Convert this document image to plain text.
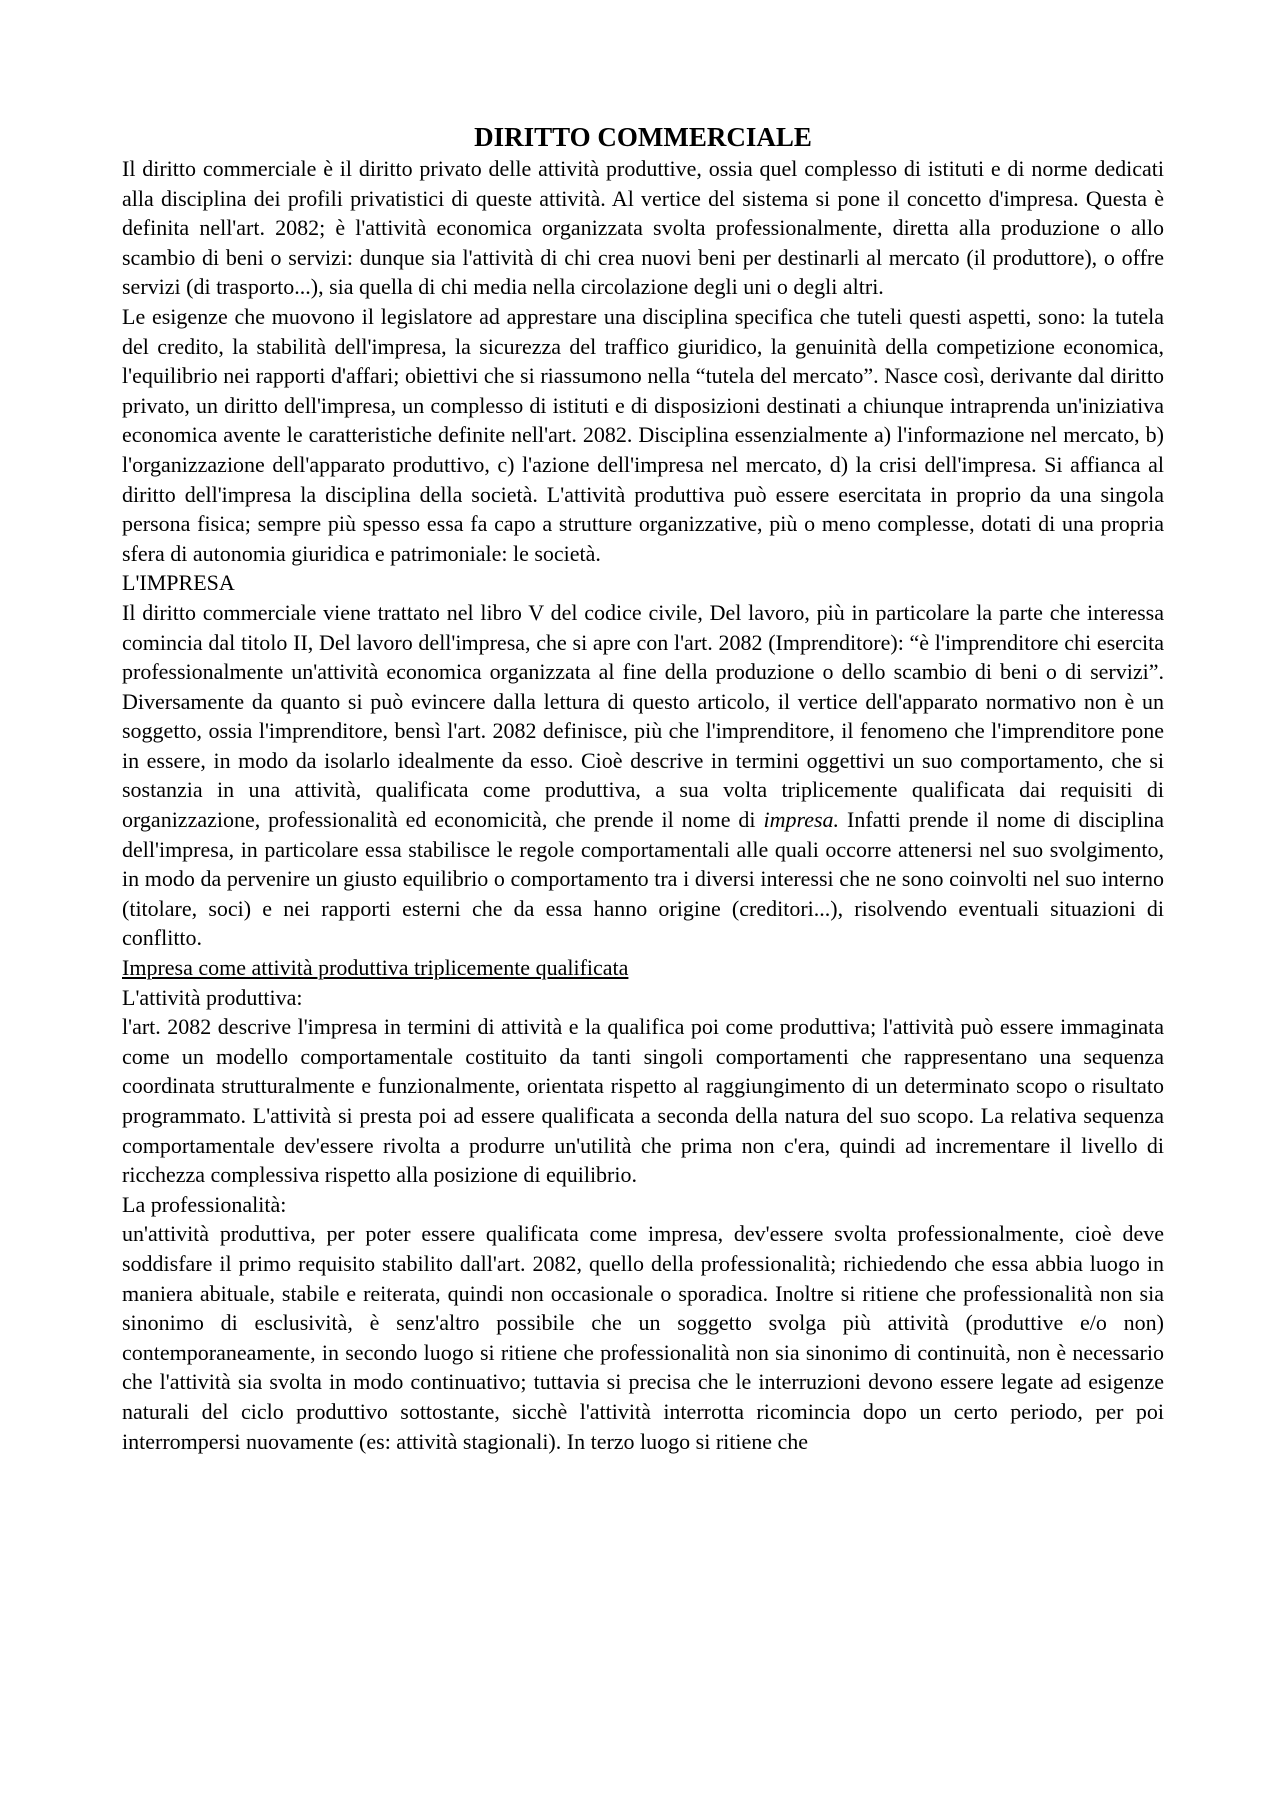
DIRITTO COMMERCIALE

Il diritto commerciale è il diritto privato delle attività produttive, ossia quel complesso di istituti e di norme dedicati alla disciplina dei profili privatistici di queste attività. Al vertice del sistema si pone il concetto d'impresa. Questa è definita nell'art. 2082; è l'attività economica organizzata svolta professionalmente, diretta alla produzione o allo scambio di beni o servizi: dunque sia l'attività di chi crea nuovi beni per destinarli al mercato (il produttore), o offre servizi (di trasporto...), sia quella di chi media nella circolazione degli uni o degli altri.

Le esigenze che muovono il legislatore ad apprestare una disciplina specifica che tuteli questi aspetti, sono: la tutela del credito, la stabilità dell'impresa, la sicurezza del traffico giuridico, la genuinità della competizione economica, l'equilibrio nei rapporti d'affari; obiettivi che si riassumono nella “tutela del mercato”. Nasce così, derivante dal diritto privato, un diritto dell'impresa, un complesso di istituti e di disposizioni destinati a chiunque intraprenda un'iniziativa economica avente le caratteristiche definite nell'art. 2082. Disciplina essenzialmente a) l'informazione nel mercato, b) l'organizzazione dell'apparato produttivo, c) l'azione dell'impresa nel mercato, d) la crisi dell'impresa. Si affianca al diritto dell'impresa la disciplina della società. L'attività produttiva può essere esercitata in proprio da una singola persona fisica; sempre più spesso essa fa capo a strutture organizzative, più o meno complesse, dotati di una propria sfera di autonomia giuridica e patrimoniale: le società.

L'IMPRESA

Il diritto commerciale viene trattato nel libro V del codice civile, Del lavoro, più in particolare la parte che interessa comincia dal titolo II, Del lavoro dell'impresa, che si apre con l'art. 2082 (Imprenditore): “è l'imprenditore chi esercita professionalmente un'attività economica organizzata al fine della produzione o dello scambio di beni o di servizi”. Diversamente da quanto si può evincere dalla lettura di questo articolo, il vertice dell'apparato normativo non è un soggetto, ossia l'imprenditore, bensì l'art. 2082 definisce, più che l'imprenditore, il fenomeno che l'imprenditore pone in essere, in modo da isolarlo idealmente da esso. Cioè descrive in termini oggettivi un suo comportamento, che si sostanzia in una attività, qualificata come produttiva, a sua volta triplicemente qualificata dai requisiti di organizzazione, professionalità ed economicità, che prende il nome di impresa. Infatti prende il nome di disciplina dell'impresa, in particolare essa stabilisce le regole comportamentali alle quali occorre attenersi nel suo svolgimento, in modo da pervenire un giusto equilibrio o comportamento tra i diversi interessi che ne sono coinvolti nel suo interno (titolare, soci) e nei rapporti esterni che da essa hanno origine (creditori...), risolvendo eventuali situazioni di conflitto.

Impresa come attività produttiva triplicemente qualificata

L'attività produttiva:

l'art. 2082 descrive l'impresa in termini di attività e la qualifica poi come produttiva; l'attività può essere immaginata come un modello comportamentale costituito da tanti singoli comportamenti che rappresentano una sequenza coordinata strutturalmente e funzionalmente, orientata rispetto al raggiungimento di un determinato scopo o risultato programmato. L'attività si presta poi ad essere qualificata a seconda della natura del suo scopo. La relativa sequenza comportamentale dev'essere rivolta a produrre un'utilità che prima non c'era, quindi ad incrementare il livello di ricchezza complessiva rispetto alla posizione di equilibrio.

La professionalità:

un'attività produttiva, per poter essere qualificata come impresa, dev'essere svolta professionalmente, cioè deve soddisfare il primo requisito stabilito dall'art. 2082, quello della professionalità; richiedendo che essa abbia luogo in maniera abituale, stabile e reiterata, quindi non occasionale o sporadica. Inoltre si ritiene che professionalità non sia sinonimo di esclusività, è senz'altro possibile che un soggetto svolga più attività (produttive e/o non) contemporaneamente, in secondo luogo si ritiene che professionalità non sia sinonimo di continuità, non è necessario che l'attività sia svolta in modo continuativo; tuttavia si precisa che le interruzioni devono essere legate ad esigenze naturali del ciclo produttivo sottostante, sicchè l'attività interrotta ricomincia dopo un certo periodo, per poi interrompersi nuovamente (es: attività stagionali). In terzo luogo si ritiene che
